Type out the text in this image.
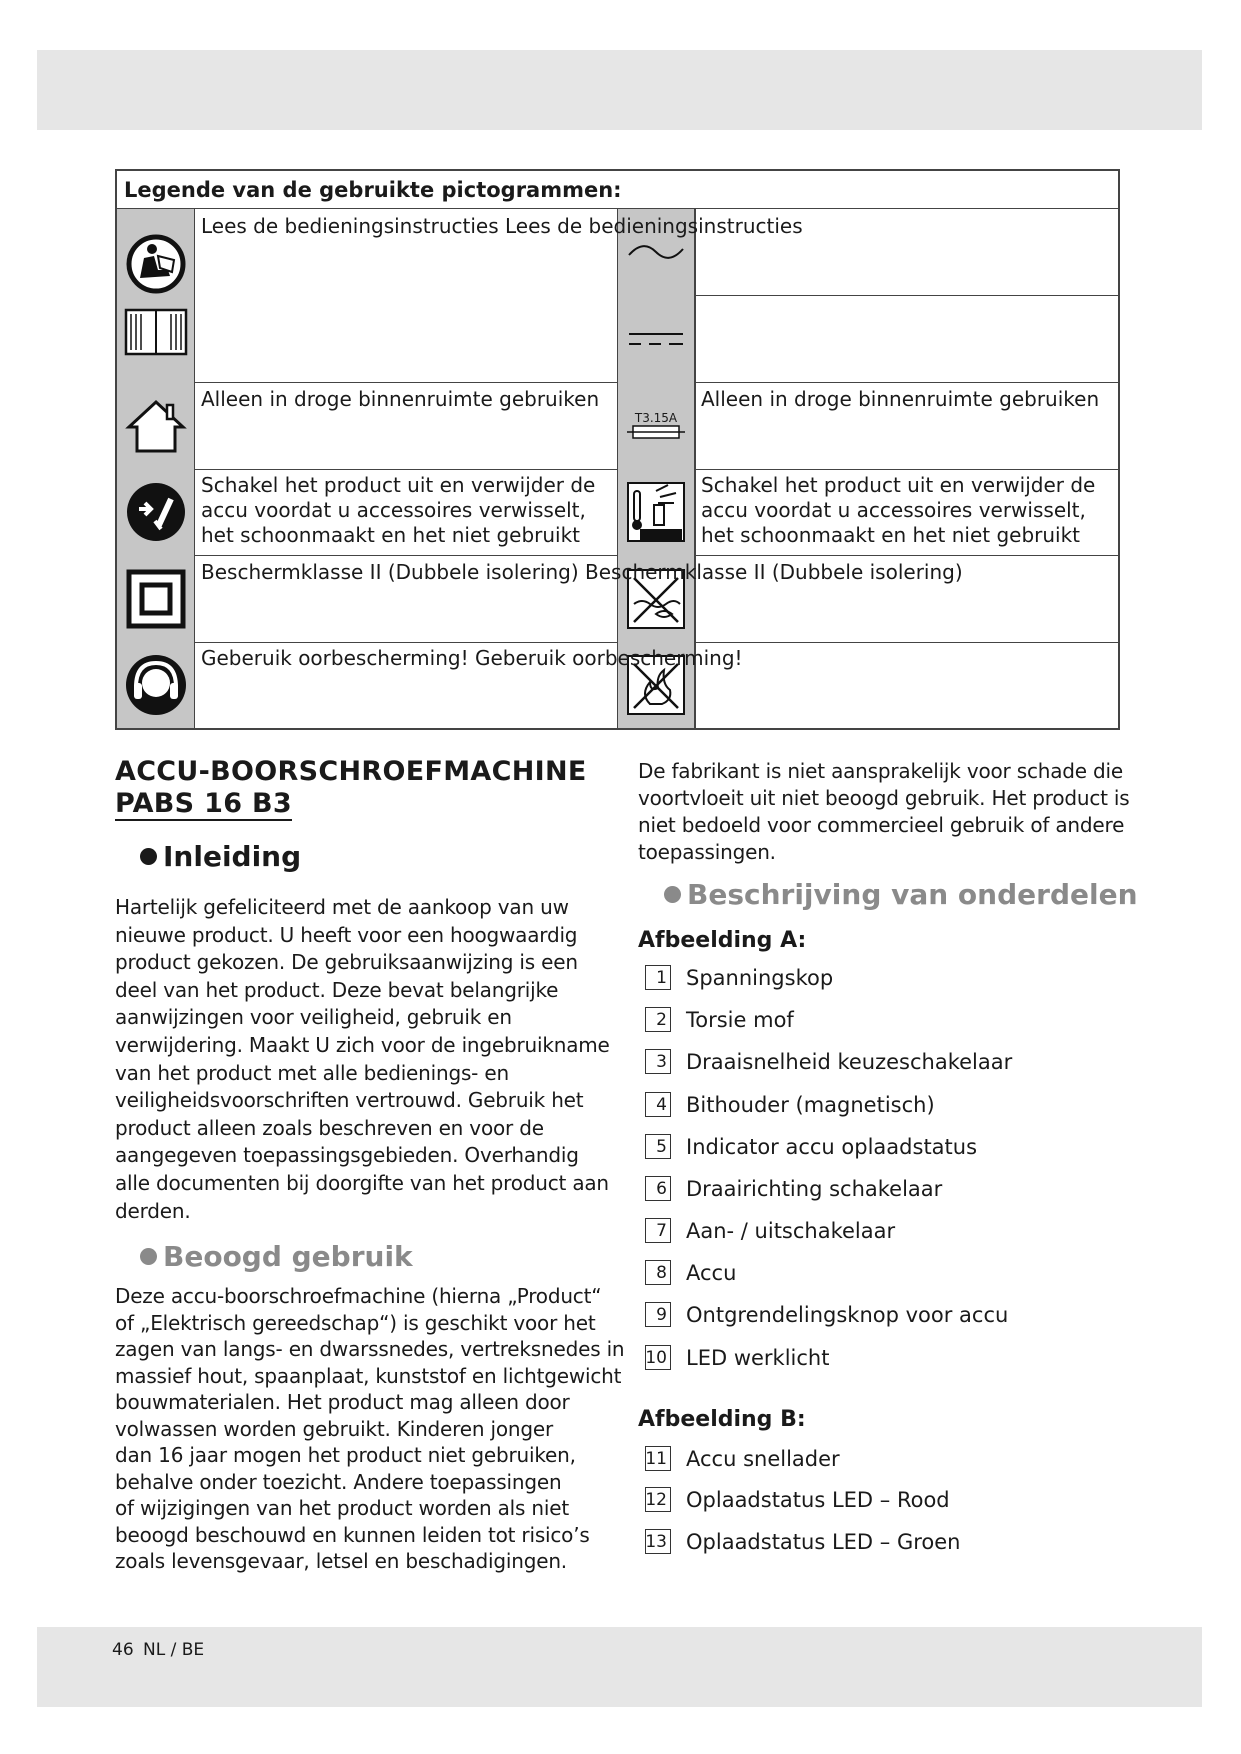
Legende van de gebruikte pictogrammen:
T3.15A
Lees de bedieningsinstructies Lees de bedieningsinstructies
Alleen in droge binnenruimte gebruiken	Alleen in droge binnenruimte gebruiken
Schakel het product uit en verwijder de accu voordat u accessoires verwisselt, het schoonmaakt en het niet gebruikt
Schakel het product uit en verwijder de accu voordat u accessoires verwisselt, het schoonmaakt en het niet gebruikt
Beschermklasse II (Dubbele isolering) Beschermklasse II (Dubbele isolering)
Geberuik oorbescherming! Geberuik oorbescherming!
ACCU-BOORSCHROEFMACHINE
PABS 16 B3
Inleiding
Hartelijk gefeliciteerd met de aankoop van uw
nieuwe product. U heeft voor een hoogwaardig
product gekozen. De gebruiksaanwijzing is een
deel van het product. Deze bevat belangrijke
aanwijzingen voor veiligheid, gebruik en
verwijdering. Maakt U zich voor de ingebruikname
van het product met alle bedienings- en
veiligheidsvoorschriften vertrouwd. Gebruik het
product alleen zoals beschreven en voor de
aangegeven toepassingsgebieden. Overhandig
alle documenten bij doorgifte van het product aan
derden.
Beoogd gebruik
Deze accu-boorschroefmachine (hierna „Product“
of „Elektrisch gereedschap“) is geschikt voor het
zagen van langs- en dwarssnedes, vertreksnedes in
massief hout, spaanplaat, kunststof en lichtgewicht
bouwmaterialen. Het product mag alleen door
volwassen worden gebruikt. Kinderen jonger
dan 16 jaar mogen het product niet gebruiken,
behalve onder toezicht. Andere toepassingen
of wijzigingen van het product worden als niet
beoogd beschouwd en kunnen leiden tot risico’s
zoals levensgevaar, letsel en beschadigingen.
De fabrikant is niet aansprakelijk voor schade die
voortvloeit uit niet beoogd gebruik. Het product is
niet bedoeld voor commercieel gebruik of andere
toepassingen.
Beschrijving van onderdelen
Afbeelding A:
1 Spanningskop
2 Torsie mof
3 Draaisnelheid keuzeschakelaar
4 Bithouder (magnetisch)
5 Indicator accu oplaadstatus
6 Draairichting schakelaar
7 Aan- / uitschakelaar
8 Accu
9 Ontgrendelingsknop voor accu
10 LED werklicht
Afbeelding B:
11 Accu snellader
12 Oplaadstatus LED – Rood
13 Oplaadstatus LED – Groen
46 NL / BE
